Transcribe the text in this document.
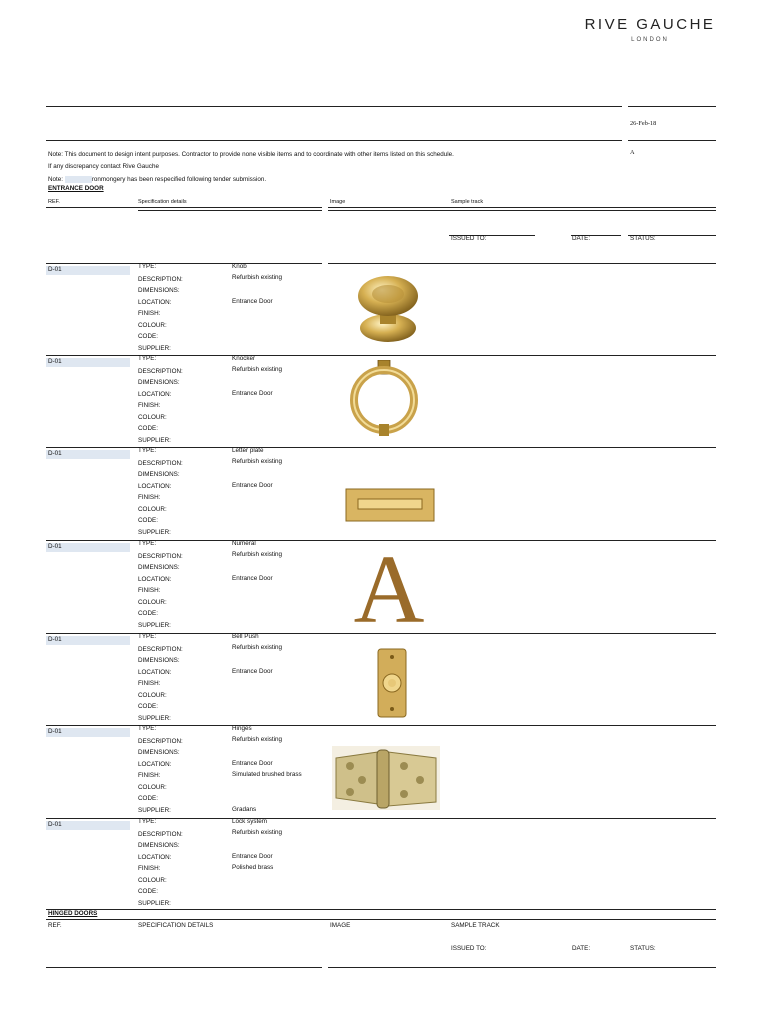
RIVE GAUCHE
LONDON
26-Feb-18
A
Note: This document to design intent purposes. Contractor to provide none visible items and to coordinate with other items listed on this schedule.
If any discrepancy contact Rive Gauche
Note:	ronmongery has been respecified following tender submission.
ENTRANCE DOOR
REF.	Specification details	Image	Sample track
ISSUED TO:	DATE:	STATUS:
D-01	TYPE:	Knob
DESCRIPTION:	Refurbish existing
DIMENSIONS:
LOCATION:	Entrance Door
FINISH:
COLOUR:
CODE:
SUPPLIER:
D-01	TYPE:	Knocker
DESCRIPTION:	Refurbish existing
DIMENSIONS:
LOCATION:	Entrance Door
FINISH:
COLOUR:
CODE:
SUPPLIER:
D-01	TYPE:	Letter plate
DESCRIPTION:	Refurbish existing
DIMENSIONS:
LOCATION:	Entrance Door
FINISH:
COLOUR:
CODE:
SUPPLIER:
D-01	TYPE:	Numeral
DESCRIPTION:	Refurbish existing
DIMENSIONS:
LOCATION:	Entrance Door
FINISH:
COLOUR:
CODE:
SUPPLIER:
D-01	TYPE:	Bell Push
DESCRIPTION:	Refurbish existing
DIMENSIONS:
LOCATION:	Entrance Door
FINISH:
COLOUR:
CODE:
SUPPLIER:
D-01	TYPE:	Hinges
DESCRIPTION:	Refurbish existing
DIMENSIONS:
LOCATION:	Entrance Door
FINISH:	Simulated brushed brass
COLOUR:
CODE:
SUPPLIER:	Gradans
D-01	TYPE:	Lock system
DESCRIPTION:	Refurbish existing
DIMENSIONS:
LOCATION:	Entrance Door
FINISH:	Polished brass
COLOUR:
CODE:
SUPPLIER:
A
HINGED DOORS
REF.	SPECIFICATION DETAILS	IMAGE	SAMPLE TRACK
ISSUED TO:	DATE:	STATUS:
